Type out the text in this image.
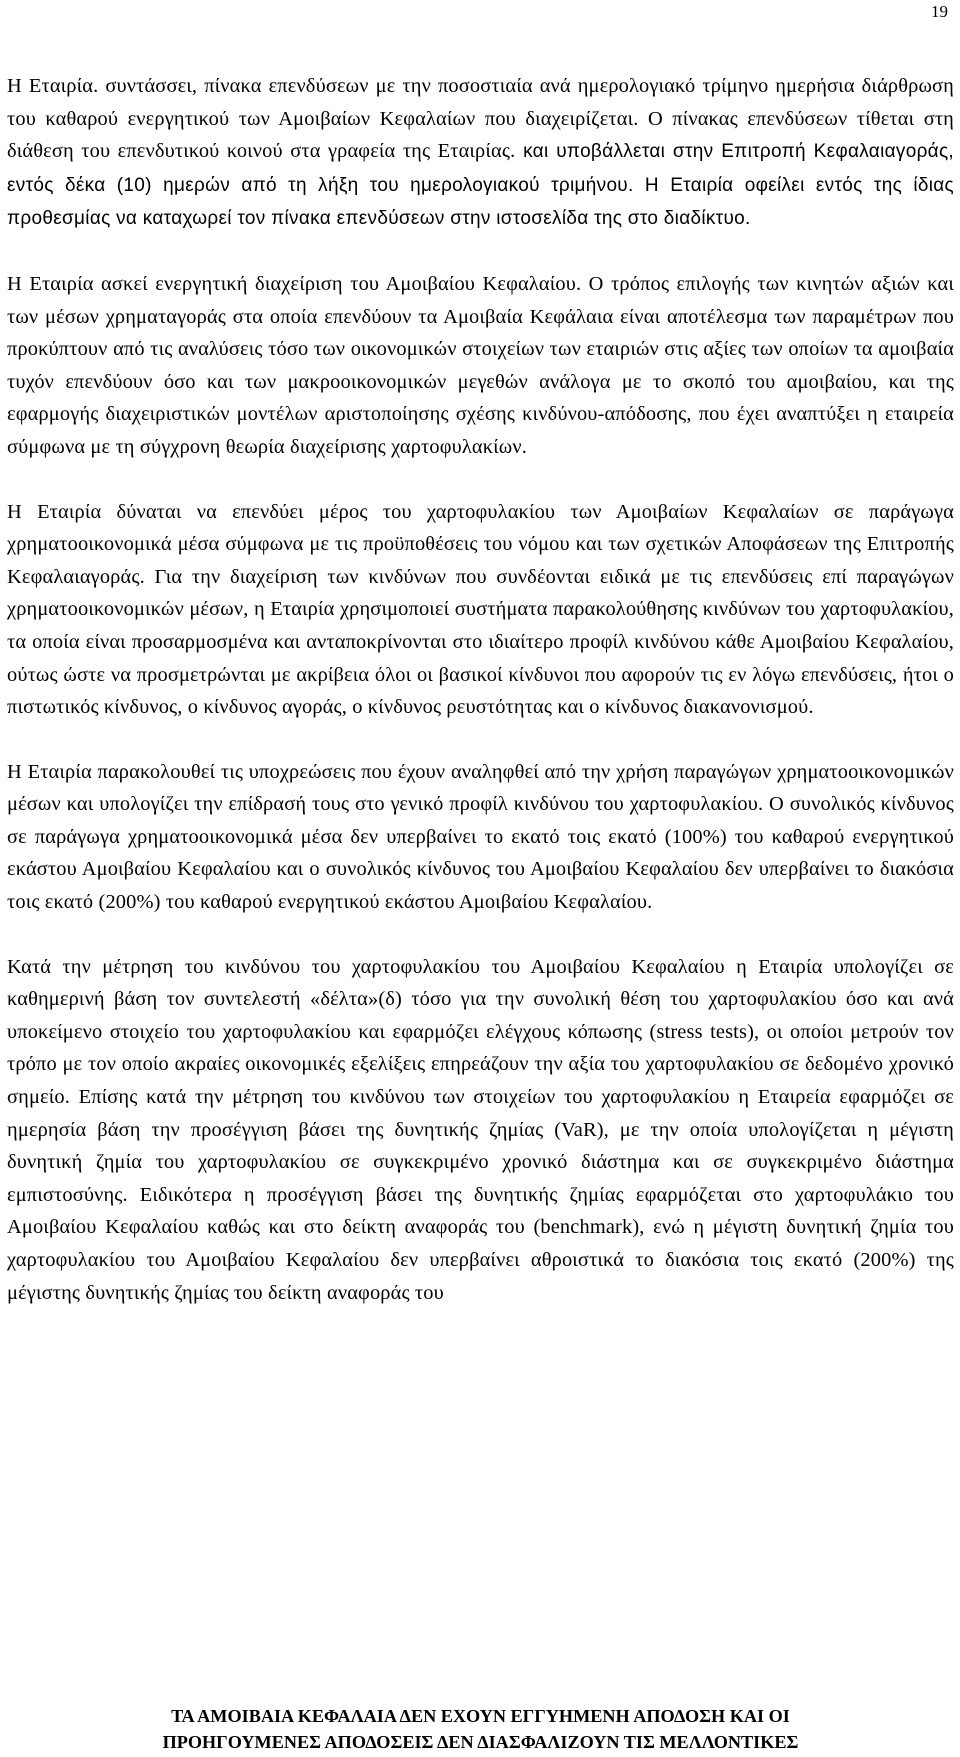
19

Η Εταιρία. συντάσσει, πίνακα επενδύσεων με την ποσοστιαία ανά ημερολογιακό τρίμηνο ημερήσια διάρθρωση του καθαρού ενεργητικού των Αμοιβαίων Κεφαλαίων που διαχειρίζεται. Ο πίνακας επενδύσεων τίθεται στη διάθεση του επενδυτικού κοινού στα γραφεία της Εταιρίας. και υποβάλλεται στην Επιτροπή Κεφαλαιαγοράς, εντός δέκα (10) ημερών από τη λήξη του ημερολογιακού τριμήνου. Η Εταιρία οφείλει εντός της ίδιας προθεσμίας να καταχωρεί τον πίνακα επενδύσεων στην ιστοσελίδα της στο διαδίκτυο.

Η Εταιρία ασκεί ενεργητική διαχείριση του Αμοιβαίου Κεφαλαίου. Ο τρόπος επιλογής των κινητών αξιών και των μέσων χρηματαγοράς στα οποία επενδύουν τα Αμοιβαία Κεφάλαια είναι αποτέλεσμα των παραμέτρων που προκύπτουν από τις αναλύσεις τόσο των οικονομικών στοιχείων των εταιριών στις αξίες των οποίων τα αμοιβαία τυχόν επενδύουν όσο και των μακροοικονομικών μεγεθών ανάλογα με το σκοπό του αμοιβαίου, και της εφαρμογής διαχειριστικών μοντέλων αριστοποίησης σχέσης κινδύνου-απόδοσης, που έχει αναπτύξει η εταιρεία σύμφωνα με τη σύγχρονη θεωρία διαχείρισης χαρτοφυλακίων.

Η Εταιρία δύναται να επενδύει μέρος του χαρτοφυλακίου των Αμοιβαίων Κεφαλαίων σε παράγωγα χρηματοοικονομικά μέσα σύμφωνα με τις προϋποθέσεις του νόμου και των σχετικών Αποφάσεων της Επιτροπής Κεφαλαιαγοράς. Για την διαχείριση των κινδύνων που συνδέονται ειδικά με τις επενδύσεις επί παραγώγων χρηματοοικονομικών μέσων, η Εταιρία χρησιμοποιεί συστήματα παρακολούθησης κινδύνων του χαρτοφυλακίου, τα οποία είναι προσαρμοσμένα και ανταποκρίνονται στο ιδιαίτερο προφίλ κινδύνου κάθε Αμοιβαίου Κεφαλαίου, ούτως ώστε να προσμετρώνται με ακρίβεια όλοι οι βασικοί κίνδυνοι που αφορούν τις εν λόγω επενδύσεις, ήτοι ο πιστωτικός κίνδυνος, ο κίνδυνος αγοράς, ο κίνδυνος ρευστότητας και ο κίνδυνος διακανονισμού.

Η Εταιρία παρακολουθεί τις υποχρεώσεις που έχουν αναληφθεί από την χρήση παραγώγων χρηματοοικονομικών μέσων και υπολογίζει την επίδρασή τους στο γενικό προφίλ κινδύνου του χαρτοφυλακίου. Ο συνολικός κίνδυνος σε παράγωγα χρηματοοικονομικά μέσα δεν υπερβαίνει το εκατό τοις εκατό (100%) του καθαρού ενεργητικού εκάστου Αμοιβαίου Κεφαλαίου και ο συνολικός κίνδυνος του Αμοιβαίου Κεφαλαίου δεν υπερβαίνει το διακόσια τοις εκατό (200%) του καθαρού ενεργητικού εκάστου Αμοιβαίου Κεφαλαίου.

Κατά την μέτρηση του κινδύνου του χαρτοφυλακίου του Αμοιβαίου Κεφαλαίου η Εταιρία υπολογίζει σε καθημερινή βάση τον συντελεστή «δέλτα»(δ) τόσο για την συνολική θέση του χαρτοφυλακίου όσο και ανά υποκείμενο στοιχείο του χαρτοφυλακίου και εφαρμόζει ελέγχους κόπωσης (stress tests), οι οποίοι μετρούν τον τρόπο με τον οποίο ακραίες οικονομικές εξελίξεις επηρεάζουν την αξία του χαρτοφυλακίου σε δεδομένο χρονικό σημείο. Επίσης κατά την μέτρηση του κινδύνου των στοιχείων του χαρτοφυλακίου η Εταιρεία εφαρμόζει σε ημερησία βάση την προσέγγιση βάσει της δυνητικής ζημίας (VaR), με την οποία υπολογίζεται η μέγιστη δυνητική ζημία του χαρτοφυλακίου σε συγκεκριμένο χρονικό διάστημα και σε συγκεκριμένο διάστημα εμπιστοσύνης. Ειδικότερα η προσέγγιση βάσει της δυνητικής ζημίας εφαρμόζεται στο χαρτοφυλάκιο του Αμοιβαίου Κεφαλαίου καθώς και στο δείκτη αναφοράς του (benchmark), ενώ η μέγιστη δυνητική ζημία του χαρτοφυλακίου του Αμοιβαίου Κεφαλαίου δεν υπερβαίνει αθροιστικά το διακόσια τοις εκατό (200%) της μέγιστης δυνητικής ζημίας του δείκτη αναφοράς του

ΤΑ ΑΜΟΙΒΑΙΑ ΚΕΦΑΛΑΙΑ ΔΕΝ ΕΧΟΥΝ ΕΓΓΥΗΜΕΝΗ ΑΠΟΔΟΣΗ ΚΑΙ ΟΙ
ΠΡΟΗΓΟΥΜΕΝΕΣ ΑΠΟΔΟΣΕΙΣ ΔΕΝ ΔΙΑΣΦΑΛΙΖΟΥΝ ΤΙΣ ΜΕΛΛΟΝΤΙΚΕΣ
